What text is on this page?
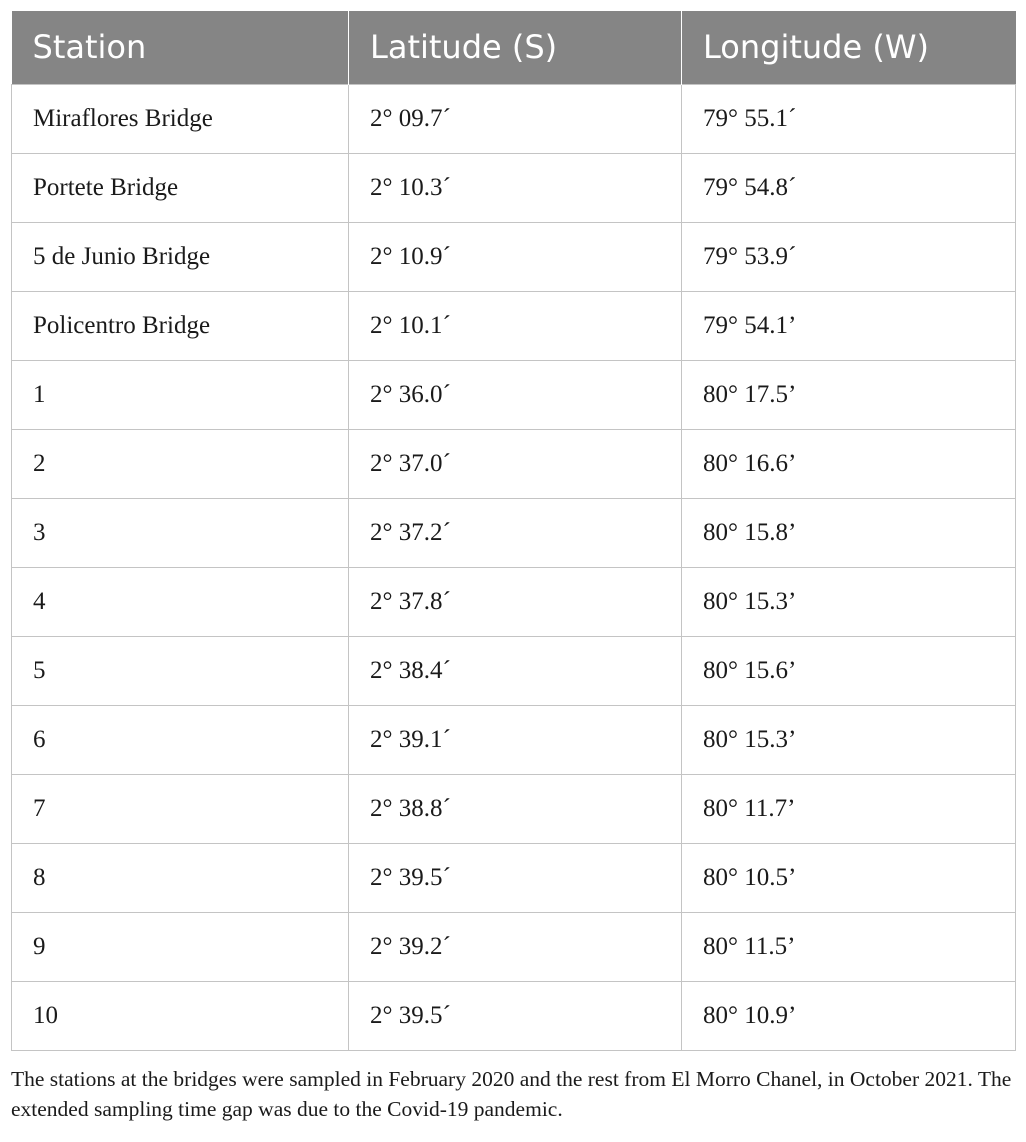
Station	Latitude (S)	Longitude (W)
Miraflores Bridge	2° 09.7´	79° 55.1´
Portete Bridge	2° 10.3´	79° 54.8´
5 de Junio Bridge	2° 10.9´	79° 53.9´
Policentro Bridge	2° 10.1´	79° 54.1’
1	2° 36.0´	80° 17.5’
2	2° 37.0´	80° 16.6’
3	2° 37.2´	80° 15.8’
4	2° 37.8´	80° 15.3’
5	2° 38.4´	80° 15.6’
6	2° 39.1´	80° 15.3’
7	2° 38.8´	80° 11.7’
8	2° 39.5´	80° 10.5’
9	2° 39.2´	80° 11.5’
10	2° 39.5´	80° 10.9’
The stations at the bridges were sampled in February 2020 and the rest from El Morro Chanel, in October 2021. The extended sampling time gap was due to the Covid-19 pandemic.
